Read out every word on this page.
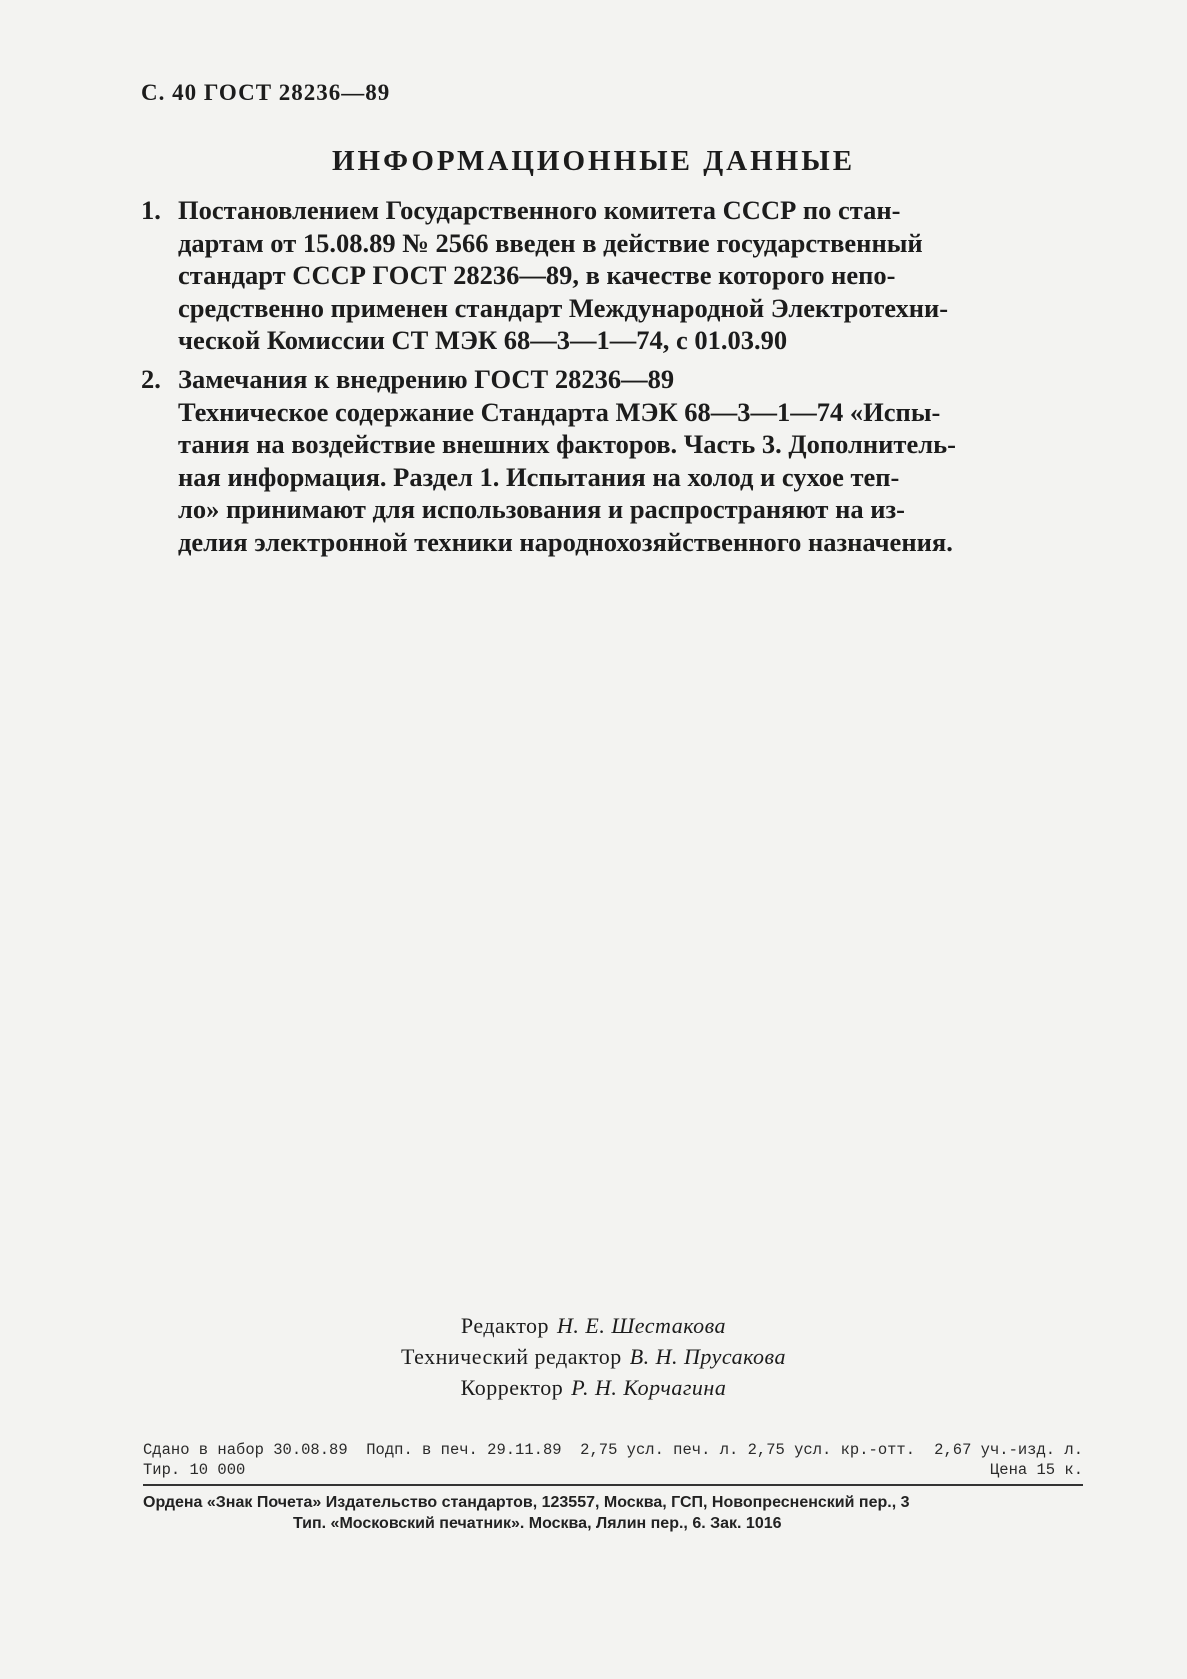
С. 40 ГОСТ 28236—89
ИНФОРМАЦИОННЫЕ ДАННЫЕ
1. Постановлением Государственного комитета СССР по стан-
дартам от 15.08.89 № 2566 введен в действие государственный
стандарт СССР ГОСТ 28236—89, в качестве которого непо-
средственно применен стандарт Международной Электротехни-
ческой Комиссии СТ МЭК 68—3—1—74, с 01.03.90
2. Замечания к внедрению ГОСТ 28236—89
Техническое содержание Стандарта МЭК 68—3—1—74 «Испы-
тания на воздействие внешних факторов. Часть 3. Дополнитель-
ная информация. Раздел 1. Испытания на холод и сухое теп-
ло» принимают для использования и распространяют на из-
делия электронной техники народнохозяйственного назначения.
Редактор Н. Е. Шестакова
Технический редактор В. Н. Прусакова
Корректор Р. Н. Корчагина
Сдано в набор 30.08.89  Подп. в печ. 29.11.89  2,75 усл. печ. л. 2,75 усл. кр.-отт. 2,67 уч.-изд. л.
Тир. 10 000	Цена 15 к.
Ордена «Знак Почета» Издательство стандартов, 123557, Москва, ГСП, Новопресненский пер., 3
Тип. «Московский печатник». Москва, Лялин пер., 6. Зак. 1016
